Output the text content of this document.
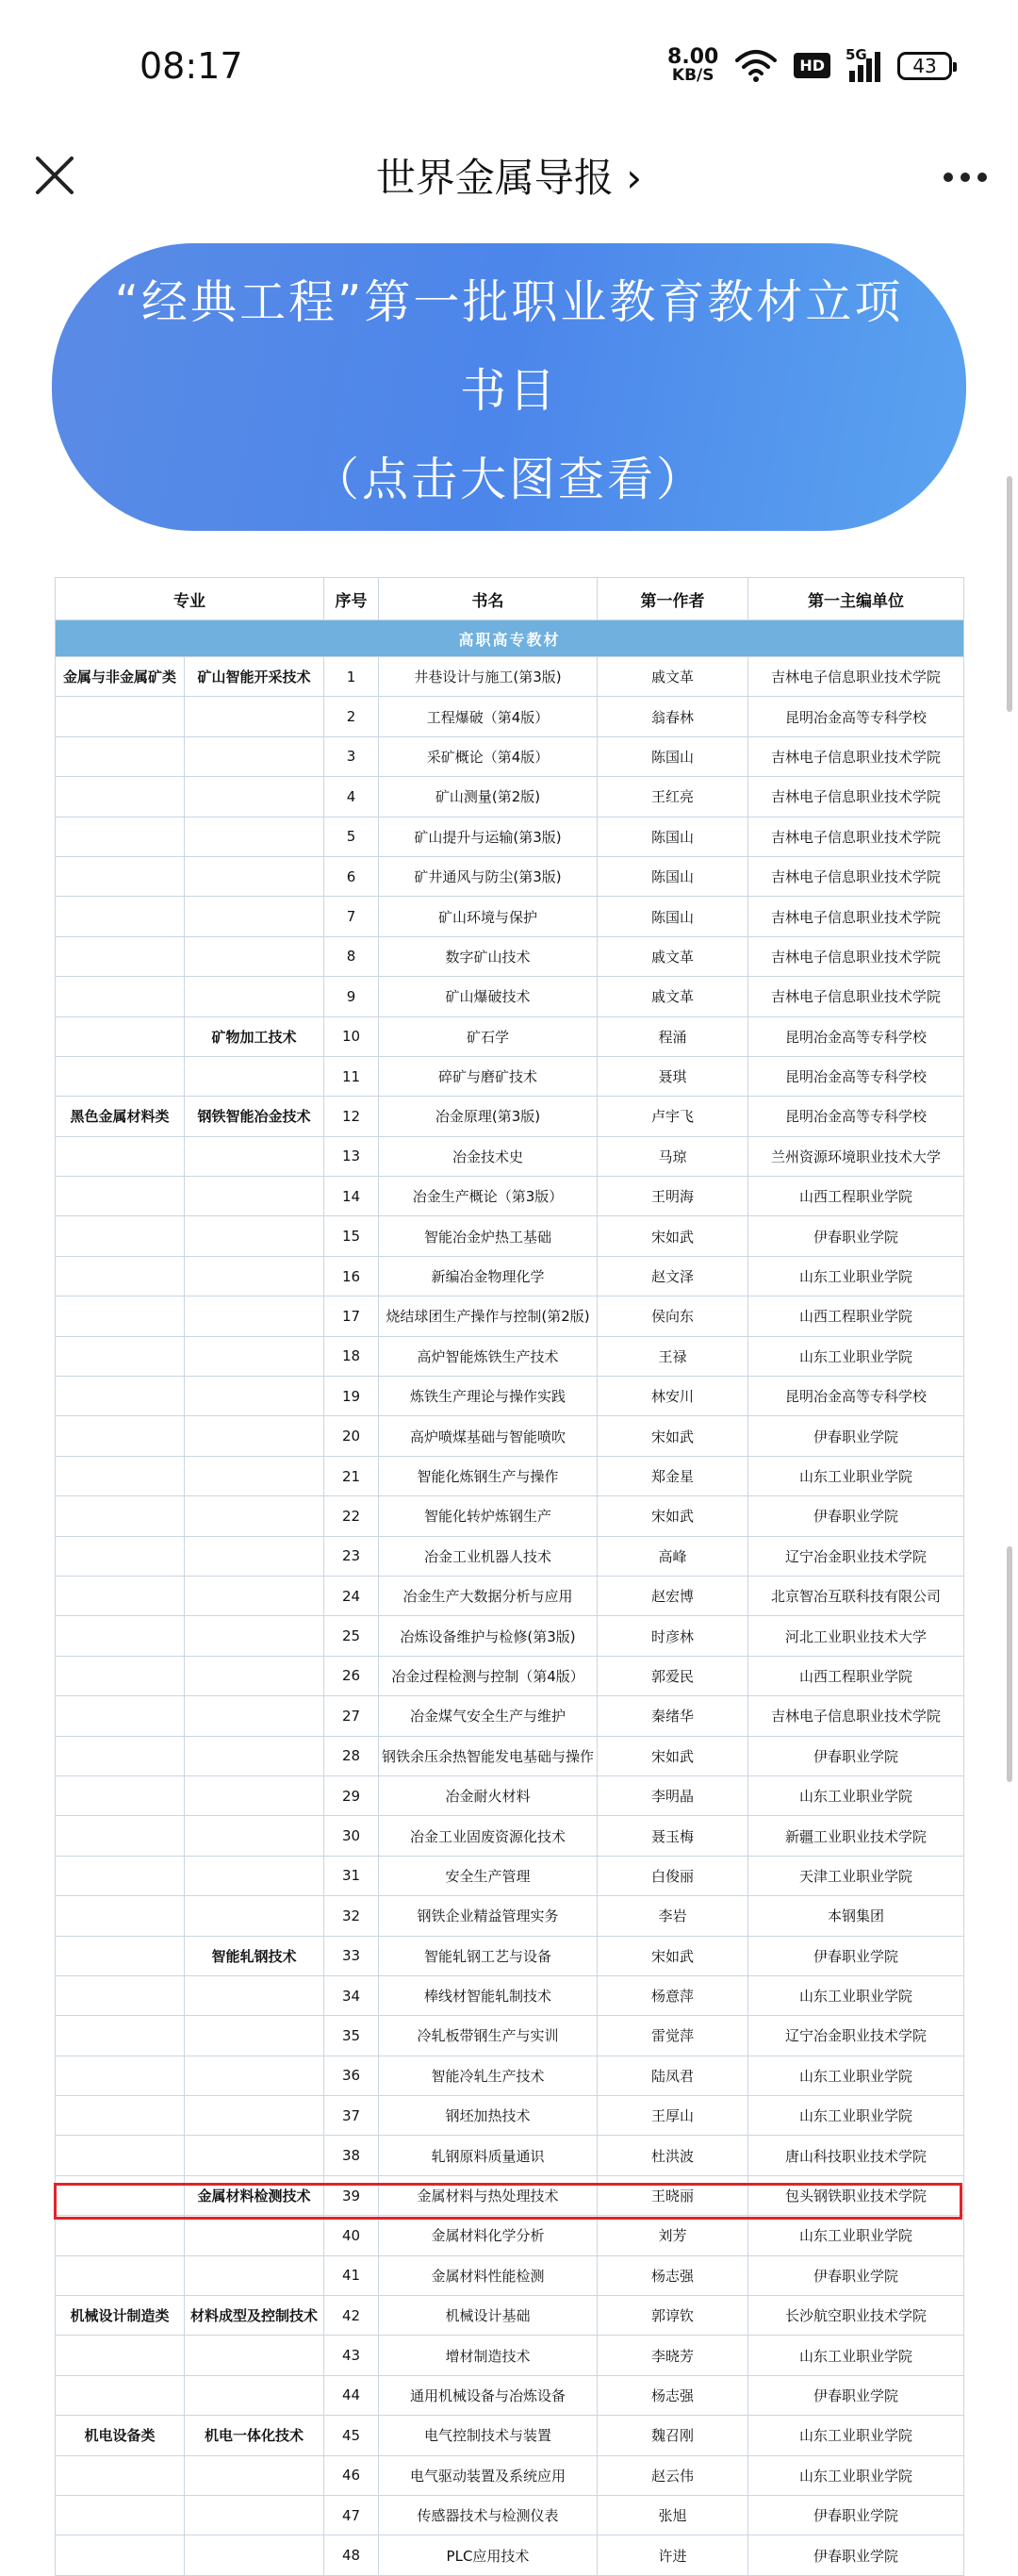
08:17	8.00
KB/S
HD
5G 43
世界金属导报 ›
“经典工程”第一批职业教育教材立项
书目
（点击大图查看）
高职高专教材					
专业		序号	书名	第一作者	第一主编单位
金属与非金属矿类	矿山智能开采技术	1	井巷设计与施工(第3版)	戚文革	吉林电子信息职业技术学院
		2	工程爆破（第4版）	翁春林	昆明冶金高等专科学校
		3	采矿概论（第4版）	陈国山	吉林电子信息职业技术学院
		4	矿山测量(第2版)	王红亮	吉林电子信息职业技术学院
		5	矿山提升与运输(第3版)	陈国山	吉林电子信息职业技术学院
		6	矿井通风与防尘(第3版)	陈国山	吉林电子信息职业技术学院
		7	矿山环境与保护	陈国山	吉林电子信息职业技术学院
		8	数字矿山技术	戚文革	吉林电子信息职业技术学院
		9	矿山爆破技术	戚文革	吉林电子信息职业技术学院
	矿物加工技术	10	矿石学	程涌	昆明冶金高等专科学校
		11	碎矿与磨矿技术	聂琪	昆明冶金高等专科学校
黑色金属材料类	钢铁智能冶金技术	12	冶金原理(第3版)	卢宇飞	昆明冶金高等专科学校
		13	冶金技术史	马琼	兰州资源环境职业技术大学
		14	冶金生产概论（第3版）	王明海	山西工程职业学院
		15	智能冶金炉热工基础	宋如武	伊春职业学院
		16	新编冶金物理化学	赵文泽	山东工业职业学院
		17	烧结球团生产操作与控制(第2版)	侯向东	山西工程职业学院
		18	高炉智能炼铁生产技术	王禄	山东工业职业学院
		19	炼铁生产理论与操作实践	林安川	昆明冶金高等专科学校
		20	高炉喷煤基础与智能喷吹	宋如武	伊春职业学院
		21	智能化炼钢生产与操作	郑金星	山东工业职业学院
		22	智能化转炉炼钢生产	宋如武	伊春职业学院
		23	冶金工业机器人技术	高峰	辽宁冶金职业技术学院
		24	冶金生产大数据分析与应用	赵宏博	北京智冶互联科技有限公司
		25	冶炼设备维护与检修(第3版)	时彦林	河北工业职业技术大学
		26	冶金过程检测与控制（第4版）	郭爱民	山西工程职业学院
		27	冶金煤气安全生产与维护	秦绪华	吉林电子信息职业技术学院
		28	钢铁余压余热智能发电基础与操作	宋如武	伊春职业学院
		29	冶金耐火材料	李明晶	山东工业职业学院
		30	冶金工业固废资源化技术	聂玉梅	新疆工业职业技术学院
		31	安全生产管理	白俊丽	天津工业职业学院
		32	钢铁企业精益管理实务	李岩	本钢集团
	智能轧钢技术	33	智能轧钢工艺与设备	宋如武	伊春职业学院
		34	棒线材智能轧制技术	杨意萍	山东工业职业学院
		35	冷轧板带钢生产与实训	雷觉萍	辽宁冶金职业技术学院
		36	智能冷轧生产技术	陆凤君	山东工业职业学院
		37	钢坯加热技术	王厚山	山东工业职业学院
		38	轧钢原料质量通识	杜洪波	唐山科技职业技术学院
	金属材料检测技术	39	金属材料与热处理技术	王晓丽	包头钢铁职业技术学院
		40	金属材料化学分析	刘芳	山东工业职业学院
		41	金属材料性能检测	杨志强	伊春职业学院
机械设计制造类	材料成型及控制技术	42	机械设计基础	郭谆钦	长沙航空职业技术学院
		43	增材制造技术	李晓芳	山东工业职业学院
		44	通用机械设备与冶炼设备	杨志强	伊春职业学院
机电设备类	机电一体化技术	45	电气控制技术与装置	魏召刚	山东工业职业学院
		46	电气驱动装置及系统应用	赵云伟	山东工业职业学院
		47	传感器技术与检测仪表	张旭	伊春职业学院
		48	PLC应用技术	许进	伊春职业学院
